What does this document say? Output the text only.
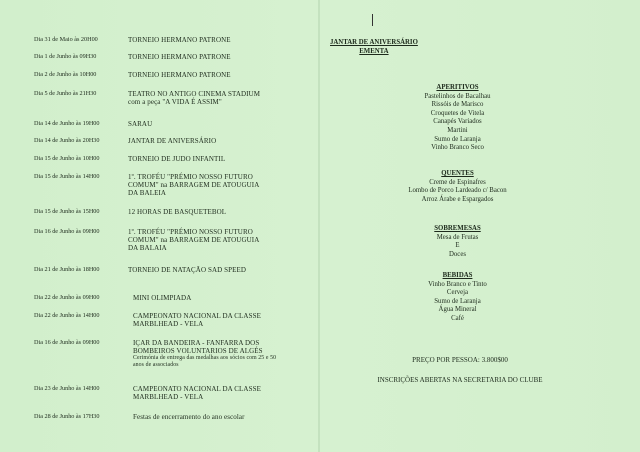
Dia 31 de Maio às 20H00	TORNEIO HERMANO PATRONE
Dia 1 de Junho às 09H30	TORNEIO HERMANO PATRONE
Dia 2 de Junho às 10H00	TORNEIO HERMANO PATRONE
Dia 5 de Junho às 21H30	TEATRO NO ANTIGO CINEMA STADIUM com a peça "A VIDA É ASSIM"
Dia 14 de Junho às 19H00	SARAU
Dia 14 de Junho às 20H30	JANTAR DE ANIVERSÁRIO
Dia 15 de Junho às 10H00	TORNEIO DE JUDO INFANTIL
Dia 15 de Junho às 14H00	1º. TROFÉU "PRÉMIO NOSSO FUTURO COMUM" na BARRAGEM DE ATOUGUIA DA BALEIA
Dia 15 de Junho às 15H00	12 HORAS DE BASQUETEBOL
Dia 16 de Junho às 09H00	1º. TROFÉU "PRÉMIO NOSSO FUTURO COMUM" na BARRAGEM DE ATOUGUIA DA BALAIA
Dia 21 de Junho às 18H00	TORNEIO DE NATAÇÃO SAD SPEED
Dia 22 de Junho às 09H00	MINI OLIMPIADA
Dia 22 de Junho às 14H00	CAMPEONATO NACIONAL DA CLASSE MARBLHEAD - VELA
Dia 16 de Junho às 09H00	IÇAR DA BANDEIRA - FANFARRA DOS BOMBEIROS VOLUNTARIOS DE ALGÉS
Cerimónia de entrega das medalhas aos sócios com 25 e 50 anos de associados
Dia 23 de Junho às 14H00	CAMPEONATO NACIONAL DA CLASSE MARBLHEAD - VELA
Dia 28 de Junho às 17H30	Festas de encerramento do ano escolar
JANTAR DE ANIVERSÁRIO
EMENTA
APERITIVOS
Pastelinhos de Bacalhau
Rissóis de Marisco
Croquetes de Vitela
Canapés Variados
Martini
Sumo de Laranja
Vinho Branco Seco
QUENTES
Creme de Espinafres
Lombo de Porco Lardeado c/ Bacon
Arroz Árabe e Espargados
SOBREMESAS
Mesa de Frutas
E
Doces
BEBIDAS
Vinho Branco e Tinto
Cerveja
Sumo de Laranja
Água Mineral
Café
PREÇO POR PESSOA: 3.800$00
INSCRIÇÕES ABERTAS NA SECRETARIA DO CLUBE
